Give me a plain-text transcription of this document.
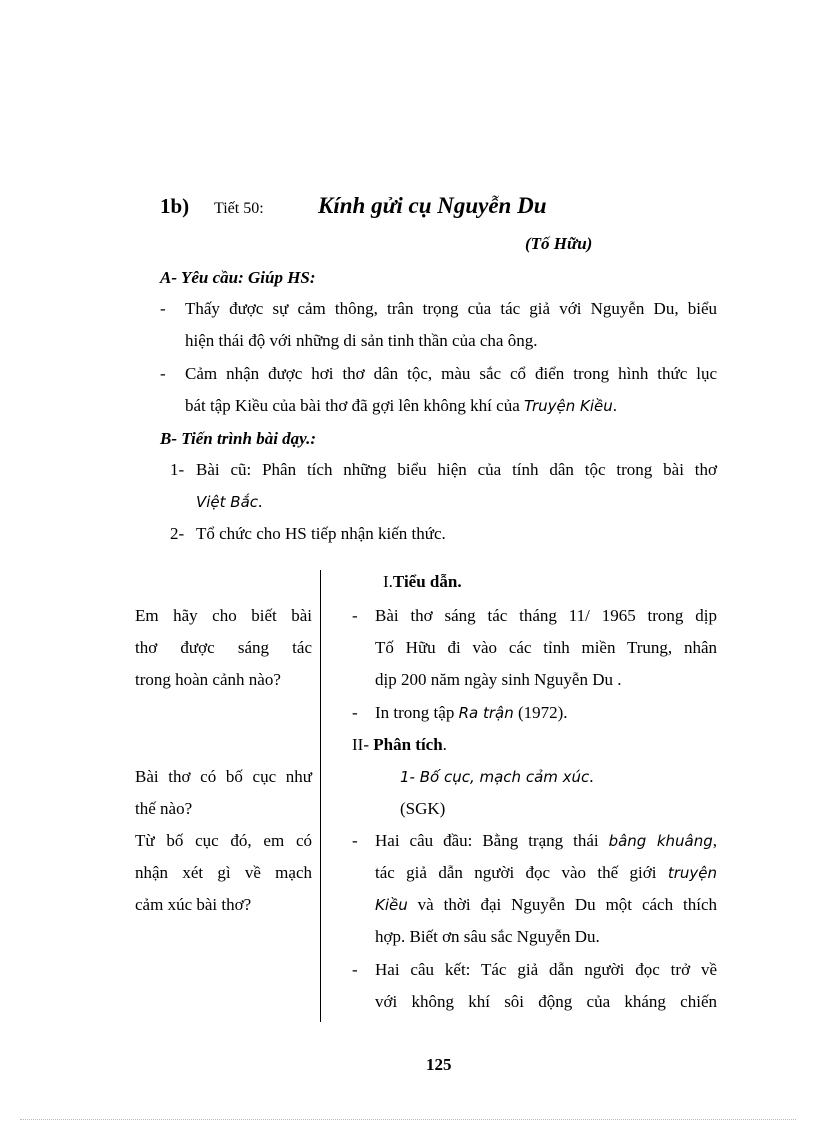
1b) Tiết 50: Kính gửi cụ Nguyễn Du
(Tố Hữu)
A- Yêu cầu: Giúp HS:
- Thấy được sự cảm thông, trân trọng của tác giả với Nguyễn Du, biểu
hiện thái độ với những di sản tinh thần của cha ông.
- Cảm nhận được hơi thơ dân tộc, màu sắc cổ điển trong hình thức lục
bát tập Kiều của bài thơ đã gợi lên không khí của Truyện Kiều.
B- Tiến trình bài dạy.:
1- Bài cũ: Phân tích những biểu hiện của tính dân tộc trong bài thơ
Việt Bắc.
2- Tổ chức cho HS tiếp nhận kiến thức.
Em hãy cho biết bài
thơ được sáng tác
trong hoàn cảnh nào?
Bài thơ có bố cục như
thế nào?
Từ bố cục đó, em có
nhận xét gì về mạch
cảm xúc bài thơ?
I.Tiểu dẫn.
- Bài thơ sáng tác tháng 11/ 1965 trong dịp
Tố Hữu đi vào các tỉnh miền Trung, nhân
dịp 200 năm ngày sinh Nguyễn Du .
- In trong tập Ra trận (1972).
II- Phân tích.
1- Bố cục, mạch cảm xúc.
(SGK)
- Hai câu đầu: Bằng trạng thái bâng khuâng,
tác giả dẫn người đọc vào thế giới truyện
Kiều và thời đại Nguyễn Du một cách thích
hợp. Biết ơn sâu sắc Nguyễn Du.
- Hai câu kết: Tác giả dẫn người đọc trở về
với không khí sôi động của kháng chiến
125
